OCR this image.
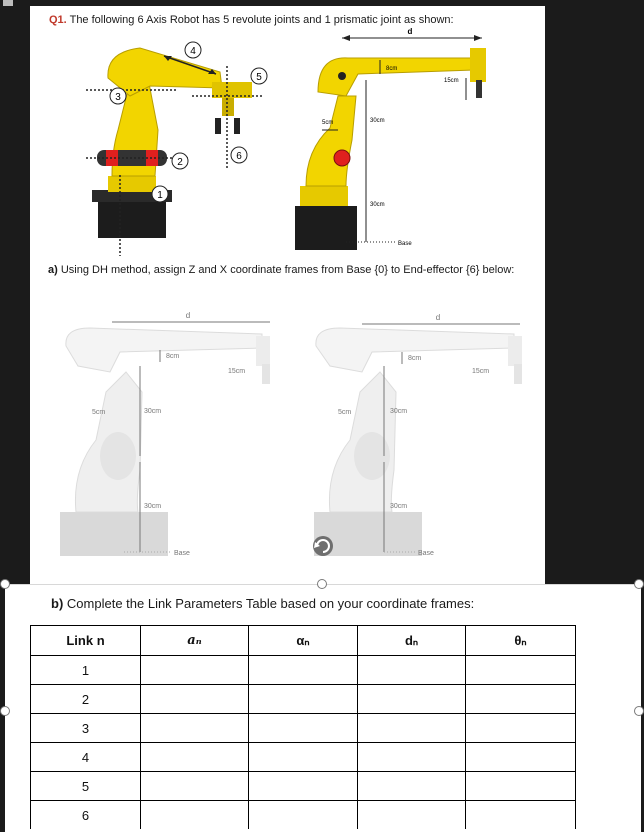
Q1. The following 6 Axis Robot has 5 revolute joints and 1 prismatic joint as shown:
4
5
3
2
6
1
d
8cm
15cm
30cm
30cm
5cm
Base
a) Using DH method, assign Z and X coordinate frames from Base {0} to End-effector {6} below:
d
8cm
15cm
30cm
30cm
5cm
Base
d
8cm
15cm
30cm
30cm
5cm
Base
b) Complete the Link Parameters Table based on your coordinate frames:
Link n	aₙ	αₙ	dₙ	θₙ
1				
2				
3				
4				
5				
6				
